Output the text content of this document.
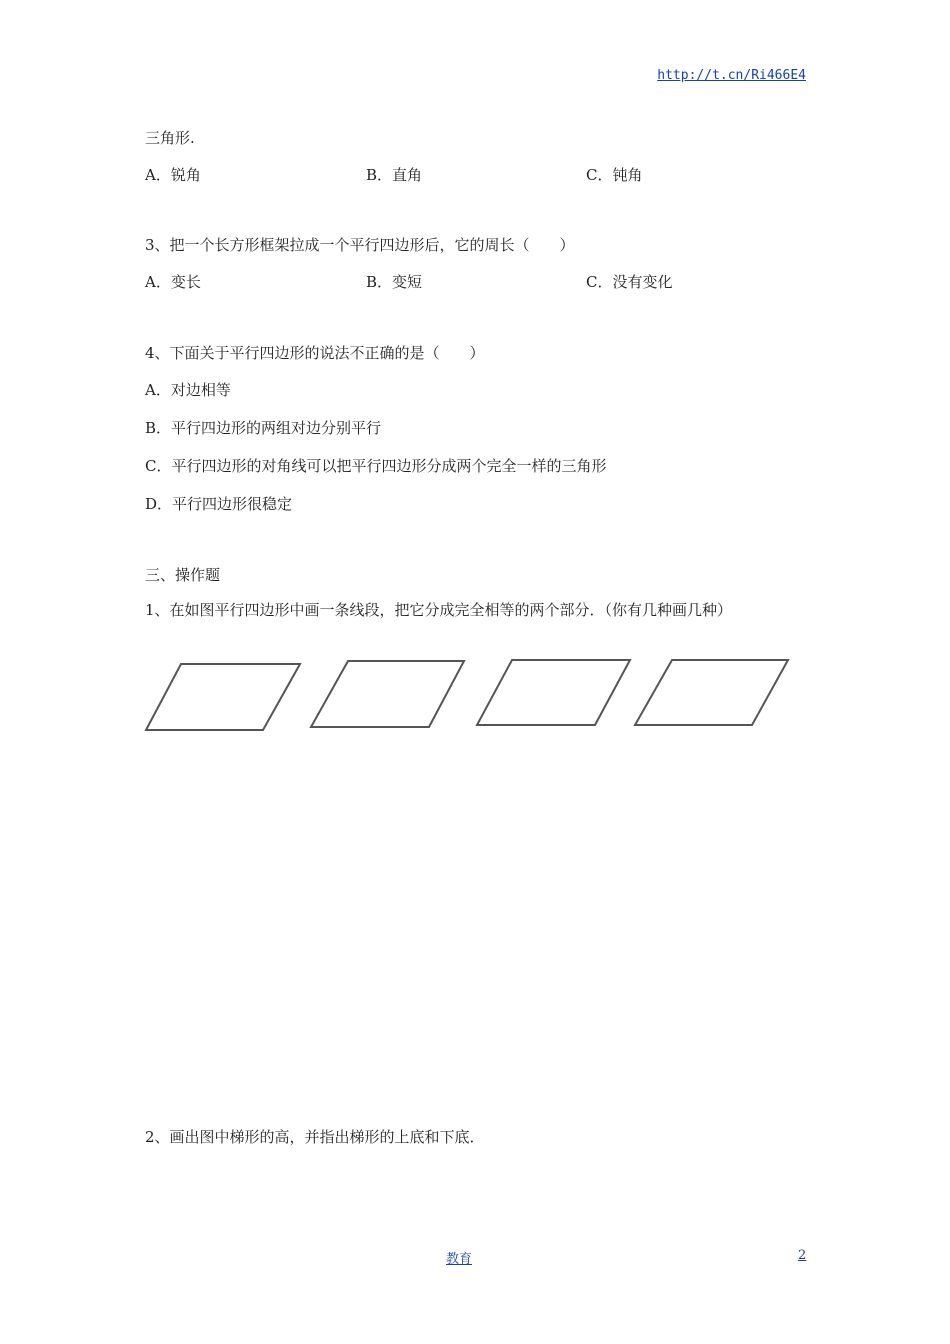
http://t.cn/Ri466E4
三角形.
A．锐角	B．直角	C．钝角
3、把一个长方形框架拉成一个平行四边形后，它的周长（　　）
A．变长	B．变短	C．没有变化
4、下面关于平行四边形的说法不正确的是（　　）
A．对边相等
B．平行四边形的两组对边分别平行
C．平行四边形的对角线可以把平行四边形分成两个完全一样的三角形
D．平行四边形很稳定
三、操作题
1、在如图平行四边形中画一条线段，把它分成完全相等的两个部分．（你有几种画几种）
2、画出图中梯形的高，并指出梯形的上底和下底．
教育	2
